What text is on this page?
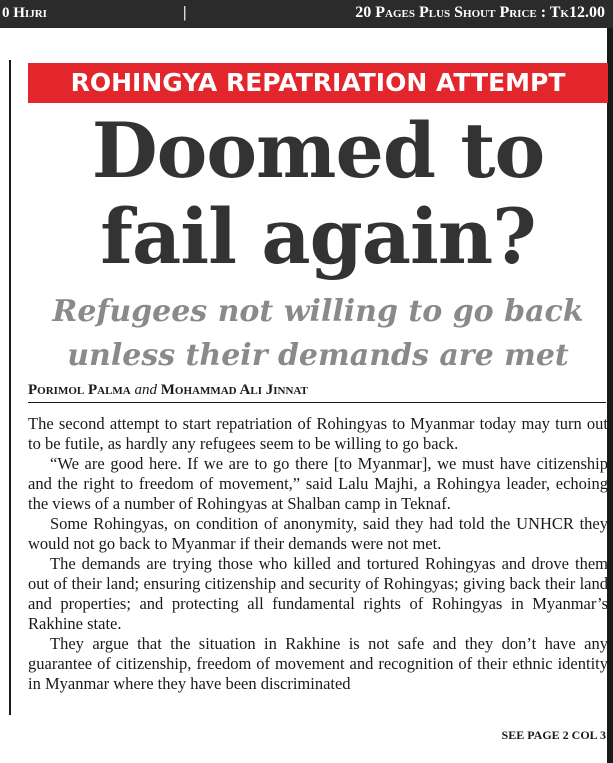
0 Hijri	|	20 Pages Plus Shout Price : Tk12.00
ROHINGYA REPATRIATION ATTEMPT
Doomed to
fail again?
Refugees not willing to go back
unless their demands are met
Porimol Palma and Mohammad Ali Jinnat

The second attempt to start repatriation of Rohingyas to Myanmar today may turn out to be futile, as hardly any refugees seem to be willing to go back.

“We are good here. If we are to go there [to Myanmar], we must have citizenship and the right to freedom of movement,” said Lalu Majhi, a Rohingya leader, echoing the views of a number of Rohingyas at Shalban camp in Teknaf.

Some Rohingyas, on condition of anonymity, said they had told the UNHCR they would not go back to Myanmar if their demands were not met.

The demands are trying those who killed and tortured Rohingyas and drove them out of their land; ensuring citizenship and security of Rohingyas; giving back their land and properties; and protecting all fundamental rights of Rohingyas in Myanmar’s Rakhine state.

They argue that the situation in Rakhine is not safe and they don’t have any guarantee of citizenship, freedom of movement and recognition of their ethnic identity in Myanmar where they have been discriminated

SEE PAGE 2 COL 3
